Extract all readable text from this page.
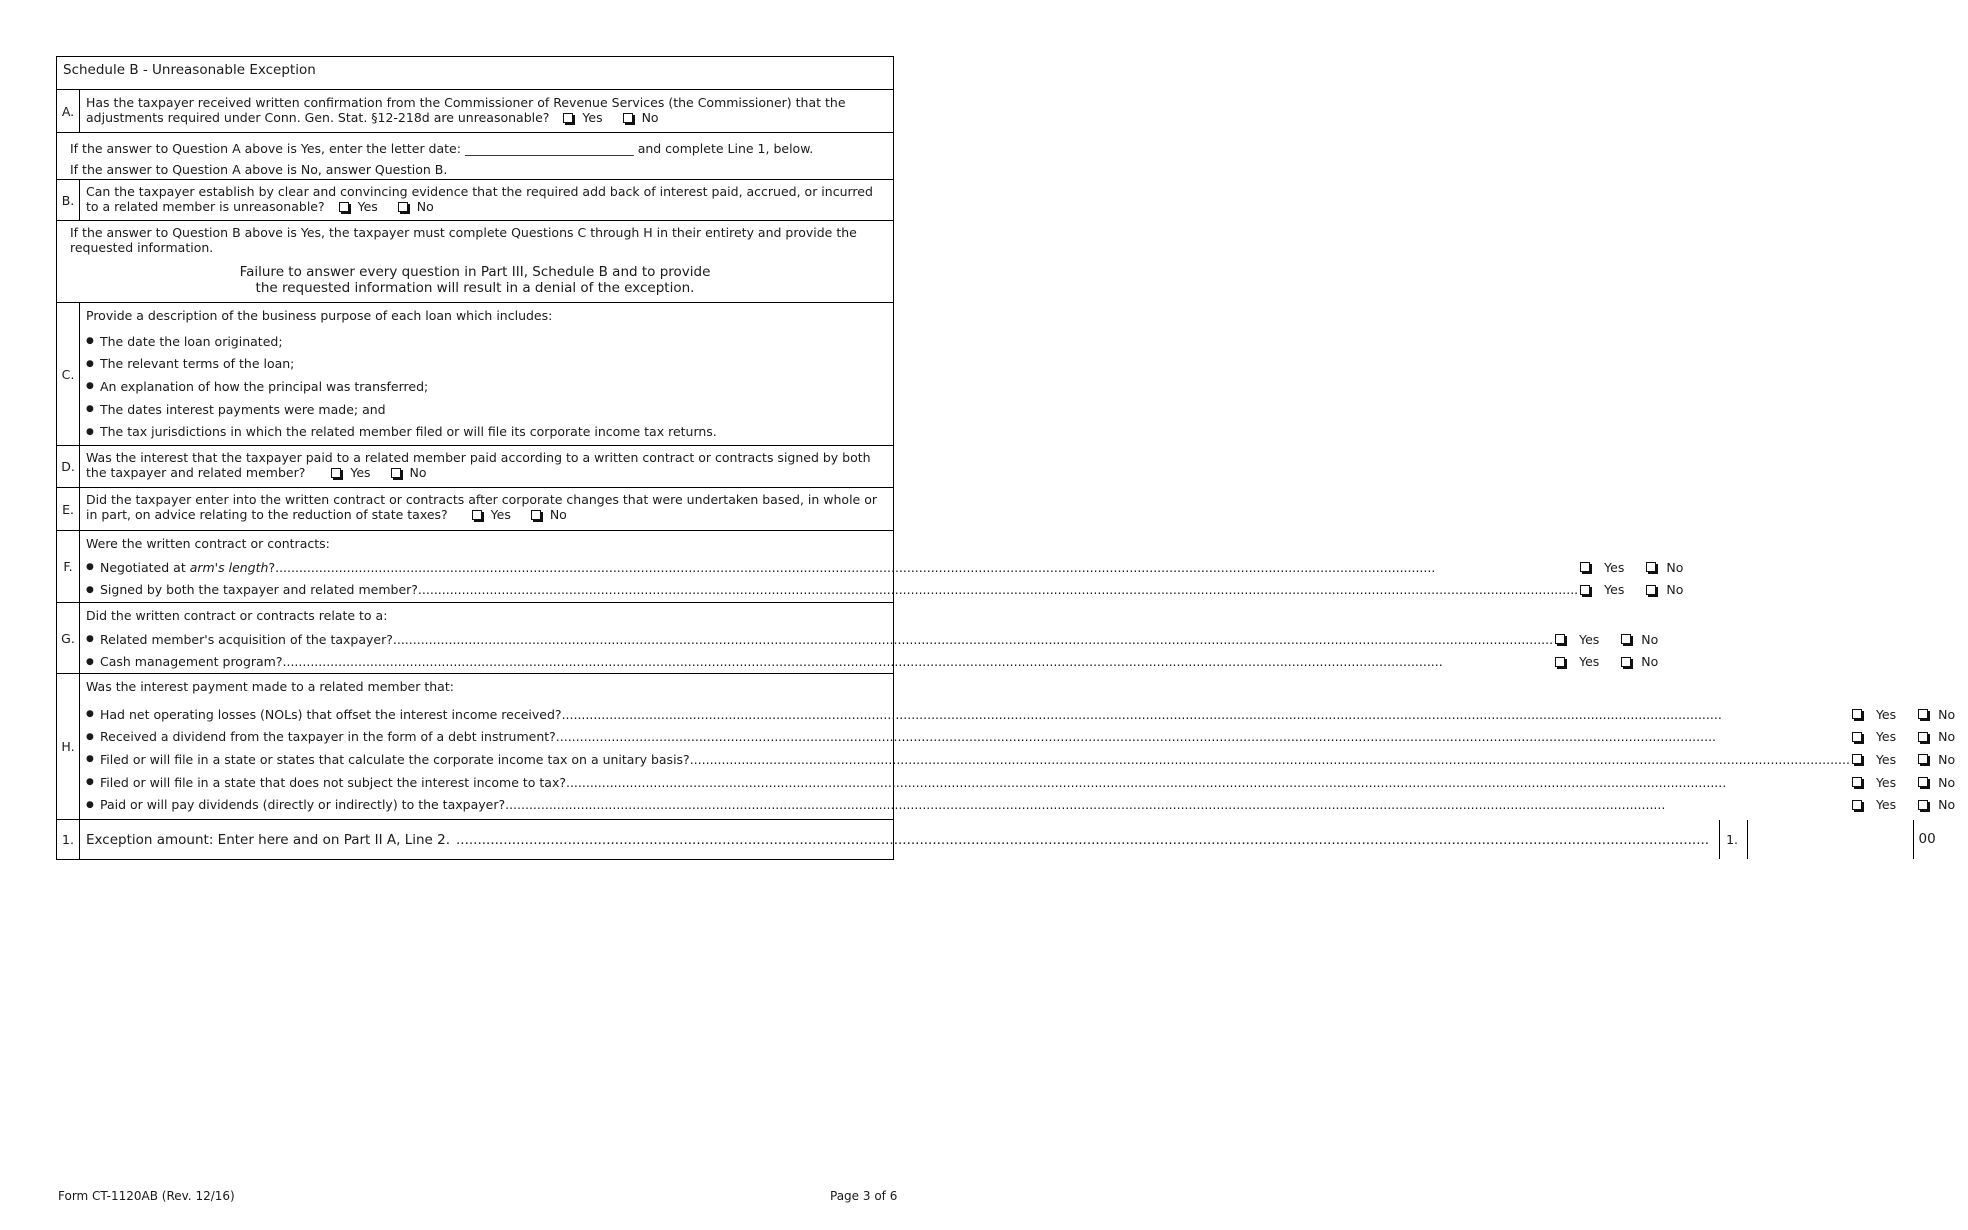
Schedule B - Unreasonable Exception
A.
Has the taxpayer received written confirmation from the Commissioner of Revenue Services (the Commissioner) that the adjustments required under Conn. Gen. Stat. §12-218d are unreasonable?	Yes	No
If the answer to Question A above is Yes, enter the letter date: ___________________________ and complete Line 1, below.
If the answer to Question A above is No, answer Question B.
B.
Can the taxpayer establish by clear and convincing evidence that the required add back of interest paid, accrued, or incurred to a related member is unreasonable?	Yes	No
If the answer to Question B above is Yes, the taxpayer must complete Questions C through H in their entirety and provide the requested information.
Failure to answer every question in Part III, Schedule B and to provide
the requested information will result in a denial of the exception.
C.
Provide a description of the business purpose of each loan which includes:
● The date the loan originated;
● The relevant terms of the loan;
● An explanation of how the principal was transferred;
● The dates interest payments were made; and
● The tax jurisdictions in which the related member filed or will file its corporate income tax returns.
D.
Was the interest that the taxpayer paid to a related member paid according to a written contract or contracts signed by both the taxpayer and related member?	Yes	No
E.
Did the taxpayer enter into the written contract or contracts after corporate changes that were undertaken based, in whole or in part, on advice relating to the reduction of state taxes?	Yes	No
F.
Were the written contract or contracts:
● Negotiated at arm's length? .....	Yes	No
● Signed by both the taxpayer and related member? .....	Yes	No
G.
Did the written contract or contracts relate to a:
● Related member's acquisition of the taxpayer? .....	Yes	No
● Cash management program? .....	Yes	No
H.
Was the interest payment made to a related member that:
● Had net operating losses (NOLs) that offset the interest income received? .....	Yes	No
● Received a dividend from the taxpayer in the form of a debt instrument? .....	Yes	No
● Filed or will file in a state or states that calculate the corporate income tax on a unitary basis? .....	Yes	No
● Filed or will file in a state that does not subject the interest income to tax? .....	Yes	No
● Paid or will pay dividends (directly or indirectly) to the taxpayer? .....	Yes	No
1. Exception amount: Enter here and on Part II A, Line 2. .....	1.	00
Form CT-1120AB (Rev. 12/16)	Page 3 of 6
